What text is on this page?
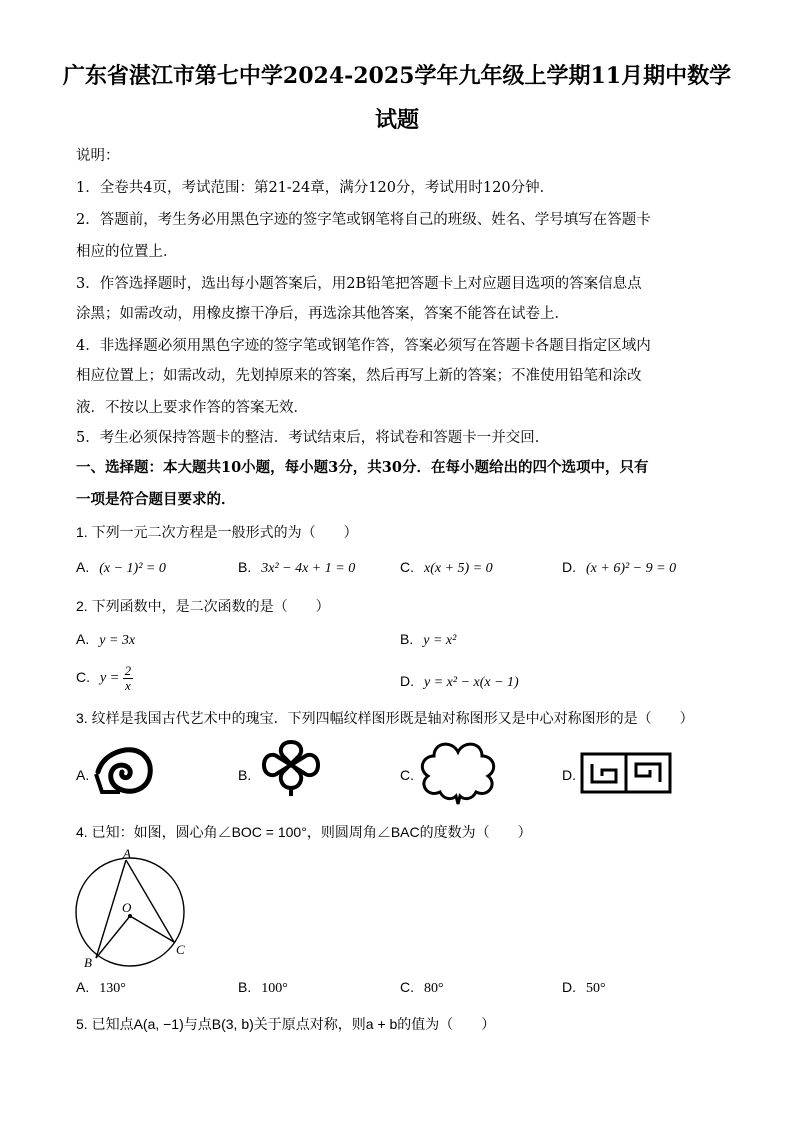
广东省湛江市第七中学2024-2025学年九年级上学期11月期中数学
试题
说明：
1．全卷共4页，考试范围：第21-24章，满分120分，考试用时120分钟．
2．答题前，考生务必用黑色字迹的签字笔或钢笔将自己的班级、姓名、学号填写在答题卡
相应的位置上．
3．作答选择题时，选出每小题答案后，用2B铅笔把答题卡上对应题目选项的答案信息点
涂黑；如需改动，用橡皮擦干净后，再选涂其他答案，答案不能答在试卷上．
4．非选择题必须用黑色字迹的签字笔或钢笔作答，答案必须写在答题卡各题目指定区域内
相应位置上；如需改动，先划掉原来的答案，然后再写上新的答案；不准使用铅笔和涂改
液．不按以上要求作答的答案无效．
5．考生必须保持答题卡的整洁．考试结束后，将试卷和答题卡一并交回．
一、选择题：本大题共10小题，每小题3分，共30分．在每小题给出的四个选项中，只有
一项是符合题目要求的．
1. 下列一元二次方程是一般形式的为（　　）
A. (x − 1)² = 0	B. 3x² − 4x + 1 = 0	C. x(x + 5) = 0	D. (x + 6)² − 9 = 0
2. 下列函数中，是二次函数的是（　　）
A. y = 3x	B. y = x²
C. $y = \frac{2}{x}$	D. y = x² − x(x − 1)
3. 纹样是我国古代艺术中的瑰宝．下列四幅纹样图形既是轴对称图形又是中心对称图形的是（　　）
A.	B.	C.	D.
4. 已知：如图，圆心角∠BOC = 100°，则圆周角∠BAC的度数为（　　）
A
O
B
C
A. 130°	B. 100°	C. 80°	D. 50°
5. 已知点A(a, −1)与点B(3, b)关于原点对称，则a + b的值为（　　）
